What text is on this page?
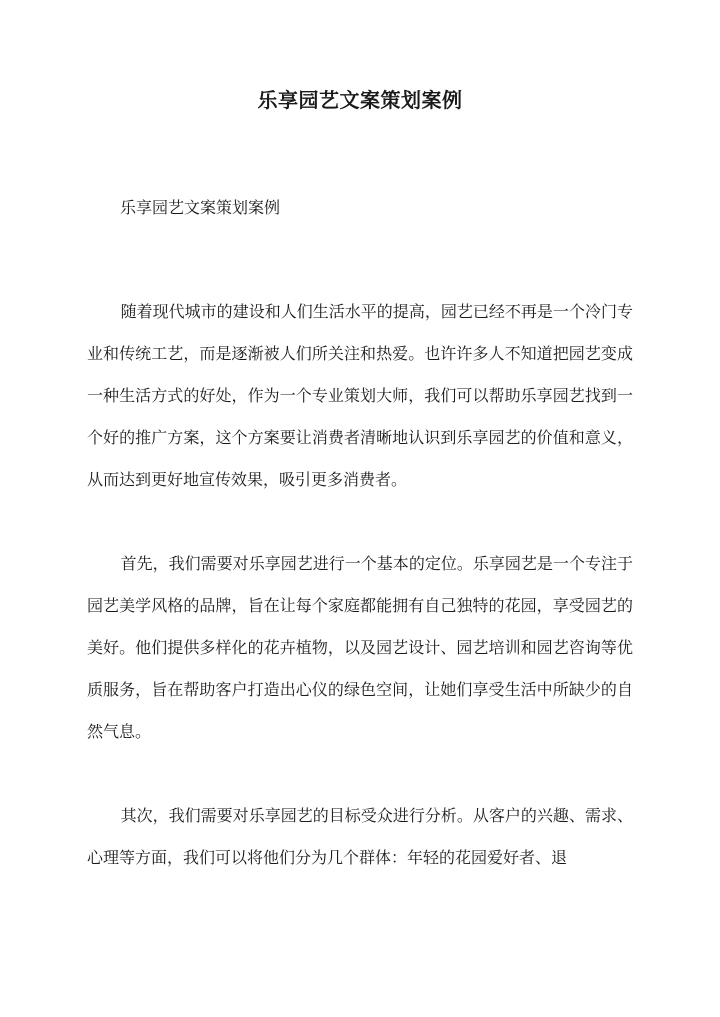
乐享园艺文案策划案例

乐享园艺文案策划案例

随着现代城市的建设和人们生活水平的提高，园艺已经不再是一个冷门专业和传统工艺，而是逐渐被人们所关注和热爱。也许许多人不知道把园艺变成一种生活方式的好处，作为一个专业策划大师，我们可以帮助乐享园艺找到一个好的推广方案，这个方案要让消费者清晰地认识到乐享园艺的价值和意义，从而达到更好地宣传效果，吸引更多消费者。

首先，我们需要对乐享园艺进行一个基本的定位。乐享园艺是一个专注于园艺美学风格的品牌，旨在让每个家庭都能拥有自己独特的花园，享受园艺的美好。他们提供多样化的花卉植物，以及园艺设计、园艺培训和园艺咨询等优质服务，旨在帮助客户打造出心仪的绿色空间，让她们享受生活中所缺少的自然气息。

其次，我们需要对乐享园艺的目标受众进行分析。从客户的兴趣、需求、心理等方面，我们可以将他们分为几个群体：年轻的花园爱好者、退
